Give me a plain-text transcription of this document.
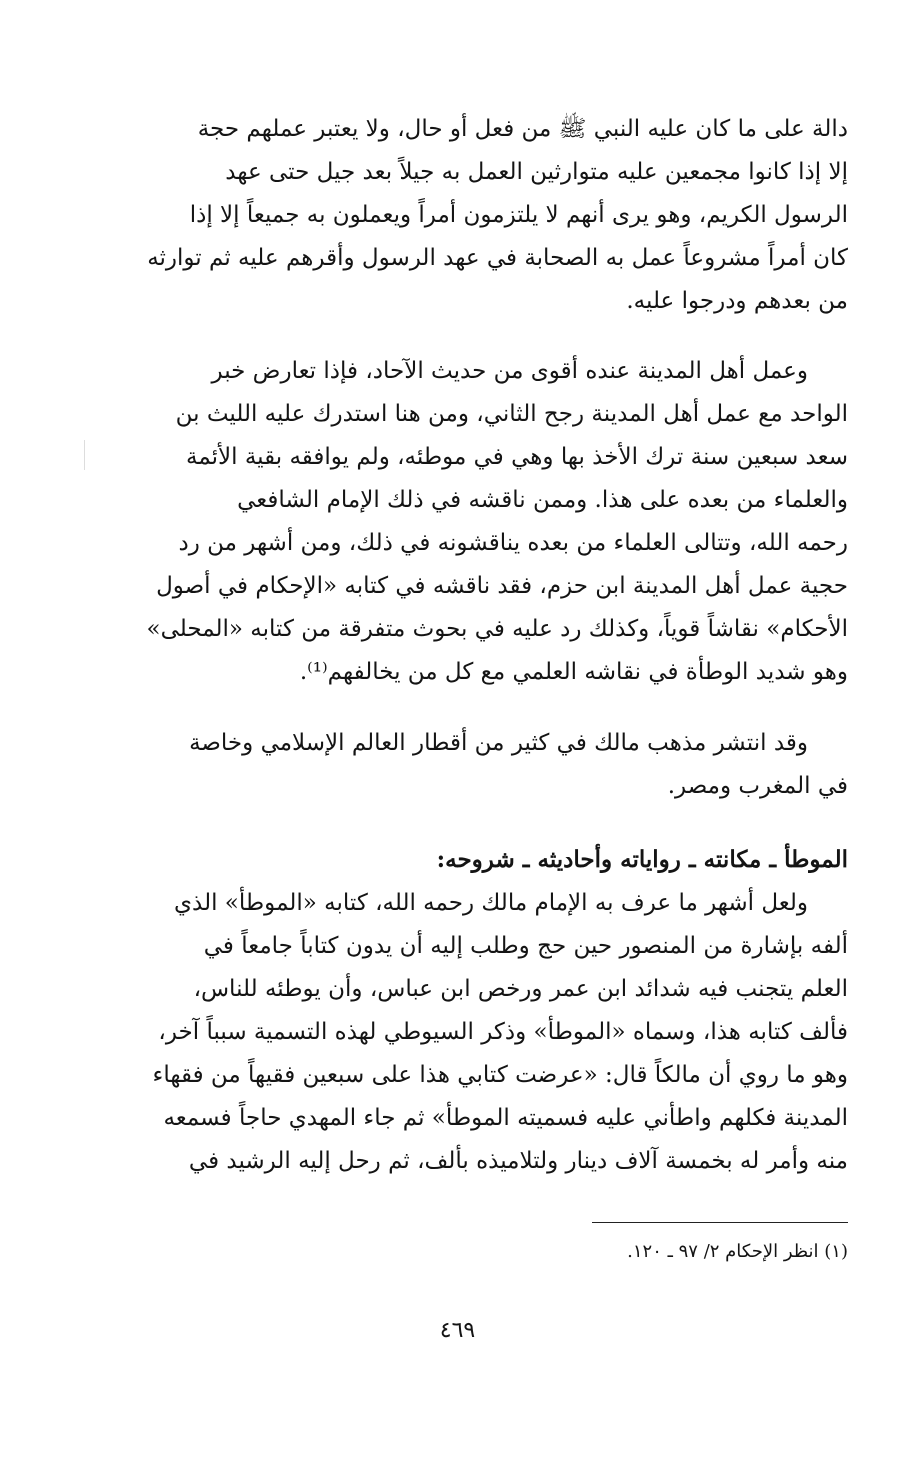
دالة على ما كان عليه النبي ﷺ من فعل أو حال، ولا يعتبر عملهم حجة
إلا إذا كانوا مجمعين عليه متوارثين العمل به جيلاً بعد جيل حتى عهد
الرسول الكريم، وهو يرى أنهم لا يلتزمون أمراً ويعملون به جميعاً إلا إذا
كان أمراً مشروعاً عمل به الصحابة في عهد الرسول وأقرهم عليه ثم توارثه
من بعدهم ودرجوا عليه.
وعمل أهل المدينة عنده أقوى من حديث الآحاد، فإذا تعارض خبر
الواحد مع عمل أهل المدينة رجح الثاني، ومن هنا استدرك عليه الليث بن
سعد سبعين سنة ترك الأخذ بها وهي في موطئه، ولم يوافقه بقية الأئمة
والعلماء من بعده على هذا. وممن ناقشه في ذلك الإمام الشافعي
رحمه الله، وتتالى العلماء من بعده يناقشونه في ذلك، ومن أشهر من رد
حجية عمل أهل المدينة ابن حزم، فقد ناقشه في كتابه «الإحكام في أصول
الأحكام» نقاشاً قوياً، وكذلك رد عليه في بحوث متفرقة من كتابه «المحلى»
وهو شديد الوطأة في نقاشه العلمي مع كل من يخالفهم⁽¹⁾.
وقد انتشر مذهب مالك في كثير من أقطار العالم الإسلامي وخاصة
في المغرب ومصر.
الموطأ ـ مكانته ـ رواياته وأحاديثه ـ شروحه:
ولعل أشهر ما عرف به الإمام مالك رحمه الله، كتابه «الموطأ» الذي
ألفه بإشارة من المنصور حين حج وطلب إليه أن يدون كتاباً جامعاً في
العلم يتجنب فيه شدائد ابن عمر ورخص ابن عباس، وأن يوطئه للناس،
فألف كتابه هذا، وسماه «الموطأ» وذكر السيوطي لهذه التسمية سبباً آخر،
وهو ما روي أن مالكاً قال: «عرضت كتابي هذا على سبعين فقيهاً من فقهاء
المدينة فكلهم واطأني عليه فسميته الموطأ» ثم جاء المهدي حاجاً فسمعه
منه وأمر له بخمسة آلاف دينار ولتلاميذه بألف، ثم رحل إليه الرشيد في
(١) انظر الإحكام ٢/ ٩٧ ـ ١٢٠.
٤٦٩
